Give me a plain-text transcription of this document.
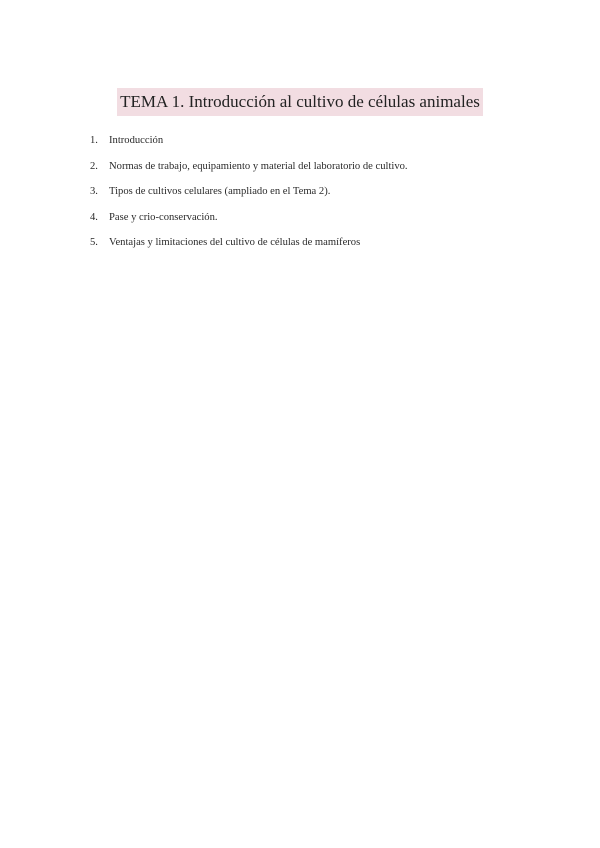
TEMA 1. Introducción al cultivo de células animales
1.	Introducción
2.	Normas de trabajo, equipamiento y material del laboratorio de cultivo.
3.	Tipos de cultivos celulares (ampliado en el Tema 2).
4.	Pase y crio-conservación.
5.	Ventajas y limitaciones del cultivo de células de mamíferos
